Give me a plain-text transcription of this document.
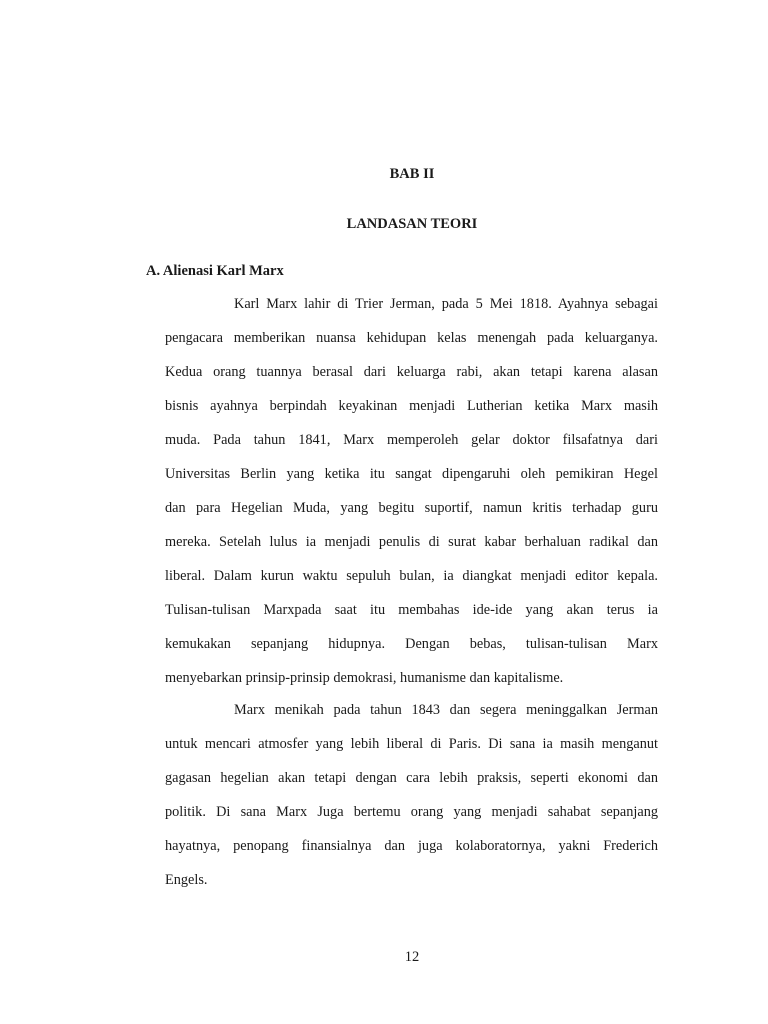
BAB II
LANDASAN TEORI
A. Alienasi Karl Marx

Karl Marx lahir di Trier Jerman, pada 5 Mei 1818. Ayahnya sebagai
pengacara memberikan nuansa kehidupan kelas menengah pada keluarganya.
Kedua orang tuannya berasal dari keluarga rabi, akan tetapi karena alasan
bisnis ayahnya berpindah keyakinan menjadi Lutherian ketika Marx masih
muda. Pada tahun 1841, Marx memperoleh gelar doktor filsafatnya dari
Universitas Berlin yang ketika itu sangat dipengaruhi oleh pemikiran Hegel
dan para Hegelian Muda, yang begitu suportif, namun kritis terhadap guru
mereka. Setelah lulus ia menjadi penulis di surat kabar berhaluan radikal dan
liberal. Dalam kurun waktu sepuluh bulan, ia diangkat menjadi editor kepala.
Tulisan-tulisan Marxpada saat itu membahas ide-ide yang akan terus ia
kemukakan sepanjang hidupnya. Dengan bebas, tulisan-tulisan Marx
menyebarkan prinsip-prinsip demokrasi, humanisme dan kapitalisme.

Marx menikah pada tahun 1843 dan segera meninggalkan Jerman
untuk mencari atmosfer yang lebih liberal di Paris. Di sana ia masih menganut
gagasan hegelian akan tetapi dengan cara lebih praksis, seperti ekonomi dan
politik. Di sana Marx Juga bertemu orang yang menjadi sahabat sepanjang
hayatnya, penopang finansialnya dan juga kolaboratornya, yakni Frederich
Engels.

12
